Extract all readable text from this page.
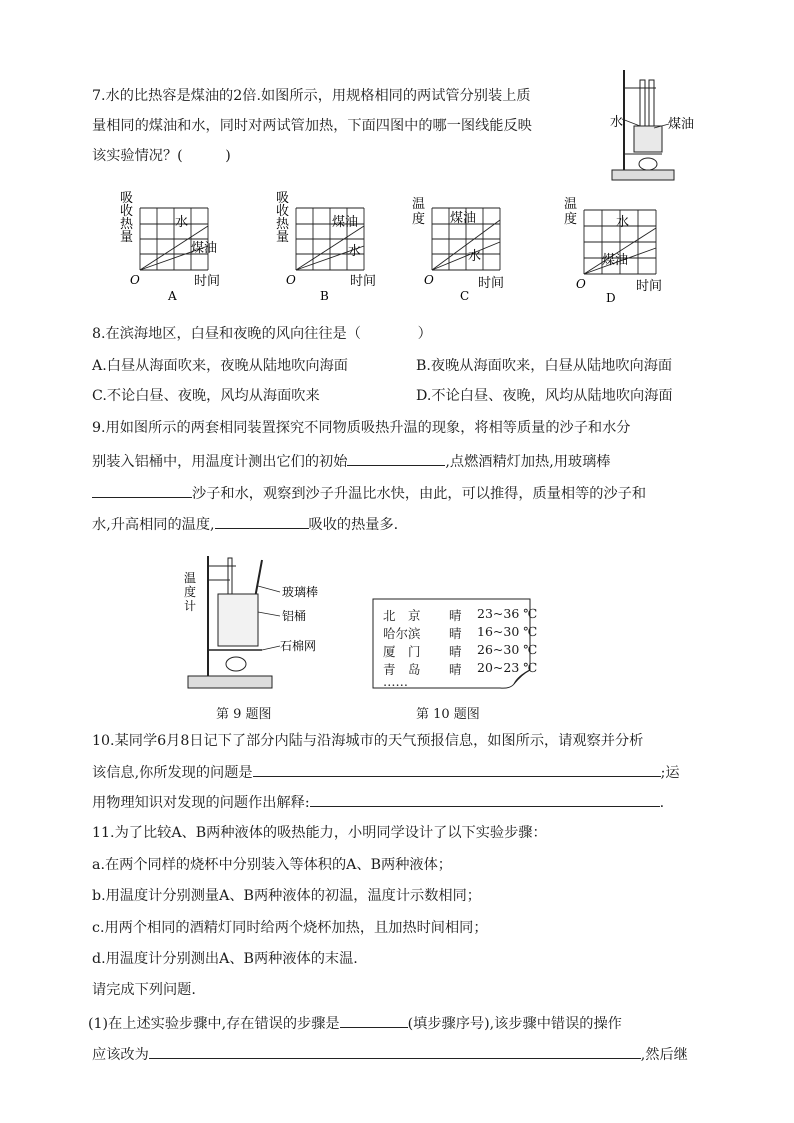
7.水的比热容是煤油的2倍.如图所示，用规格相同的两试管分别装上质
量相同的煤油和水，同时对两试管加热，下面四图中的哪一图线能反映
该实验情况？(　　　)
水	煤油
吸
收
热
量
水
煤油
O	时间
A
吸
收
热
量
煤油
水
O	时间
B
温
度 煤油
水
O	时间
C
温
度	水
煤油
O	时间
D
8.在滨海地区，白昼和夜晚的风向往往是（　　　　）
A.白昼从海面吹来，夜晚从陆地吹向海面	B.夜晚从海面吹来，白昼从陆地吹向海面
C.不论白昼、夜晚，风均从海面吹来	D.不论白昼、夜晚，风均从陆地吹向海面
9.用如图所示的两套相同装置探究不同物质吸热升温的现象，将相等质量的沙子和水分
别装入铝桶中，用温度计测出它们的初始	,点燃酒精灯加热,用玻璃棒
沙子和水，观察到沙子升温比水快，由此，可以推得，质量相等的沙子和
水,升高相同的温度,	吸收的热量多.
温
度
计
玻璃棒
铝桶
石棉网
第 9 题图
北　京 晴 23~36 ℃
哈尔滨 晴 16~30 ℃
厦　门 晴 26~30 ℃
青　岛 晴 20~23 ℃
……
第 10 题图
10.某同学6月8日记下了部分内陆与沿海城市的天气预报信息，如图所示，请观察并分析
该信息,你所发现的问题是	;运
用物理知识对发现的问题作出解释:	.
11.为了比较A、B两种液体的吸热能力，小明同学设计了以下实验步骤：
a.在两个同样的烧杯中分别装入等体积的A、B两种液体；
b.用温度计分别测量A、B两种液体的初温，温度计示数相同；
c.用两个相同的酒精灯同时给两个烧杯加热，且加热时间相同；
d.用温度计分别测出A、B两种液体的末温.
请完成下列问题.
(1)在上述实验步骤中,存在错误的步骤是	(填步骤序号),该步骤中错误的操作
应该改为	,然后继
